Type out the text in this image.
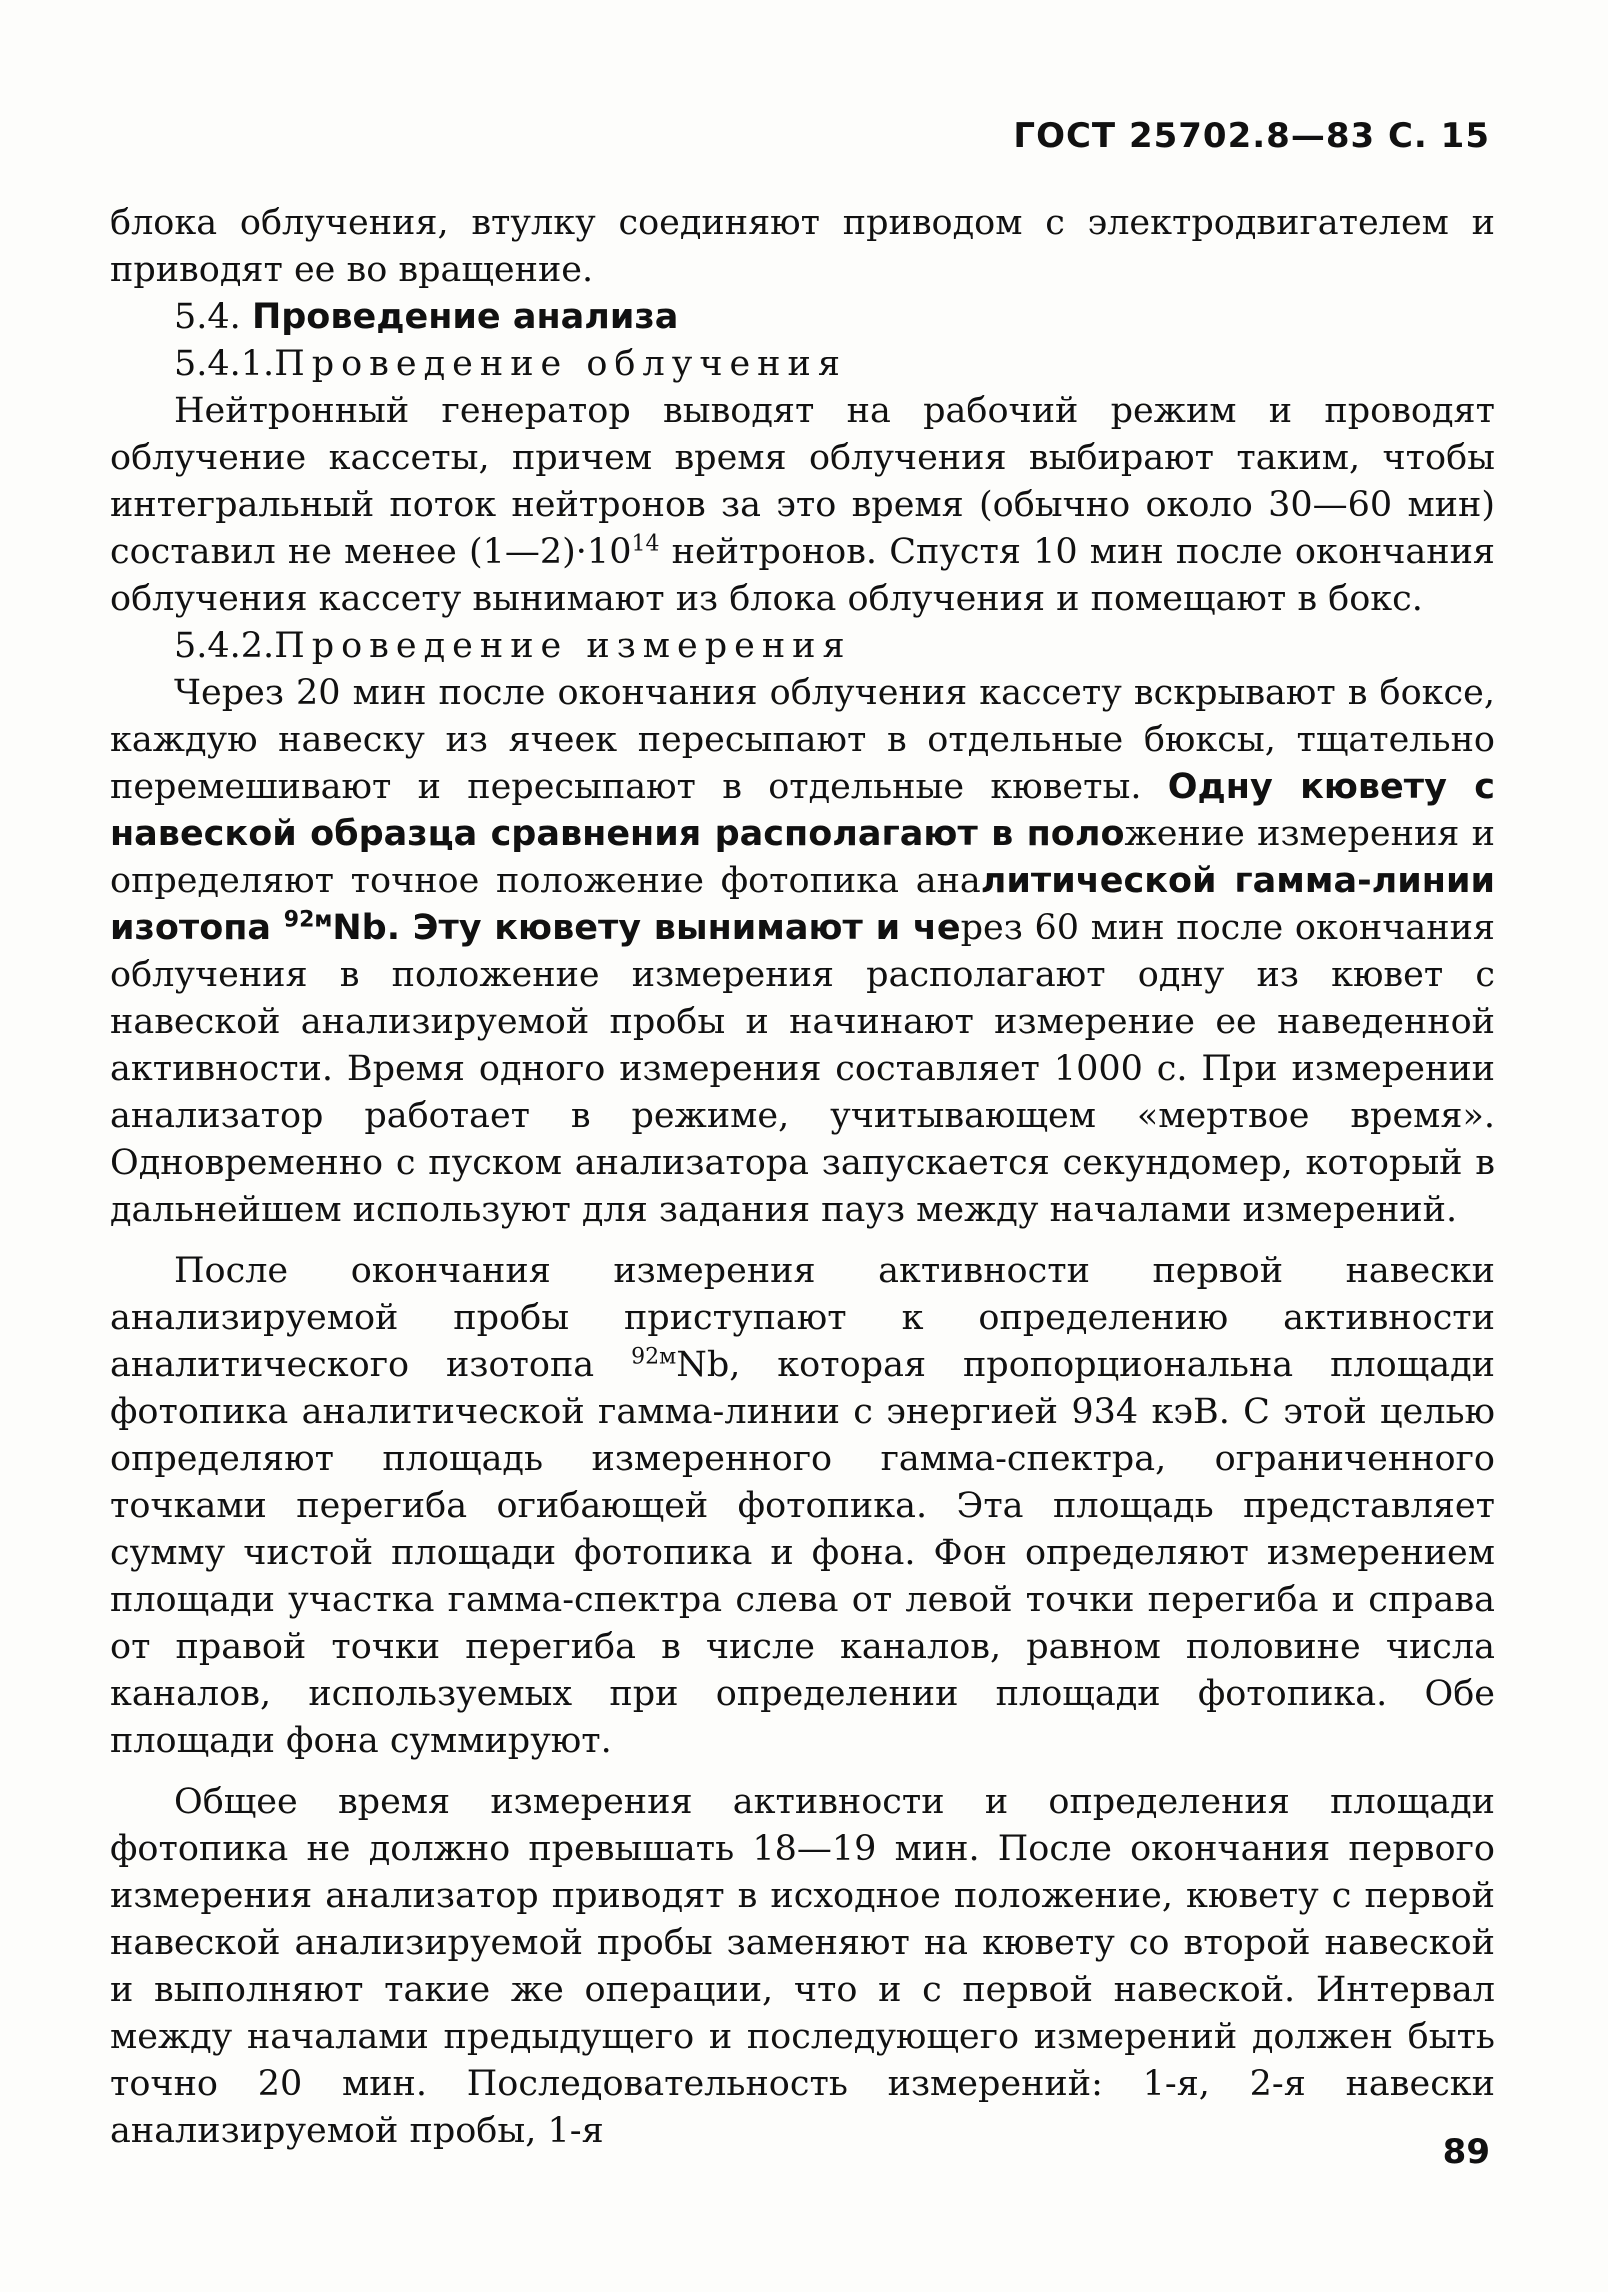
ГОСТ 25702.8—83 С. 15

блока облучения, втулку соединяют приводом с электродвигателем и приводят ее во вращение.

5.4. Проведение анализа

5.4.1.Проведение облучения

Нейтронный генератор выводят на рабочий режим и проводят облучение кассеты, причем время облучения выбирают таким, чтобы интегральный поток нейтронов за это время (обычно около 30—60 мин) составил не менее $(1—2)\cdot 10^{14}$ нейтронов. Спустя 10 мин после окончания облучения кассету вынимают из блока облучения и помещают в бокс.

5.4.2.Проведение измерения

Через 20 мин после окончания облучения кассету вскрывают в боксе, каждую навеску из ячеек пересыпают в отдельные бюксы, тщательно перемешивают и пересыпают в отдельные кюветы. Одну кювету с навеской образца сравнения располагают в положение измерения и определяют точное положение фотопика аналитической гамма-линии изотопа $^{92м}$Nb. Эту кювету вынимают и через 60 мин после окончания облучения в положение измерения располагают одну из кювет с навеской анализируемой пробы и начинают измерение ее наведенной активности. Время одного измерения составляет 1000 с. При измерении анализатор работает в режиме, учитывающем «мертвое время». Одновременно с пуском анализатора запускается секундомер, который в дальнейшем используют для задания пауз между началами измерений.

После окончания измерения активности первой навески анализируемой пробы приступают к определению активности аналитического изотопа $^{92м}$Nb, которая пропорциональна площади фотопика аналитической гамма-линии с энергией 934 кэВ. С этой целью определяют площадь измеренного гамма-спектра, ограниченного точками перегиба огибающей фотопика. Эта площадь представляет сумму чистой площади фотопика и фона. Фон определяют измерением площади участка гамма-спектра слева от левой точки перегиба и справа от правой точки перегиба в числе каналов, равном половине числа каналов, используемых при определении площади фотопика. Обе площади фона суммируют.

Общее время измерения активности и определения площади фотопика не должно превышать 18—19 мин. После окончания первого измерения анализатор приводят в исходное положение, кювету с первой навеской анализируемой пробы заменяют на кювету со второй навеской и выполняют такие же операции, что и с первой навеской. Интервал между началами предыдущего и последующего измерений должен быть точно 20 мин. Последовательность измерений: 1-я, 2-я навески анализируемой пробы, 1-я

89
